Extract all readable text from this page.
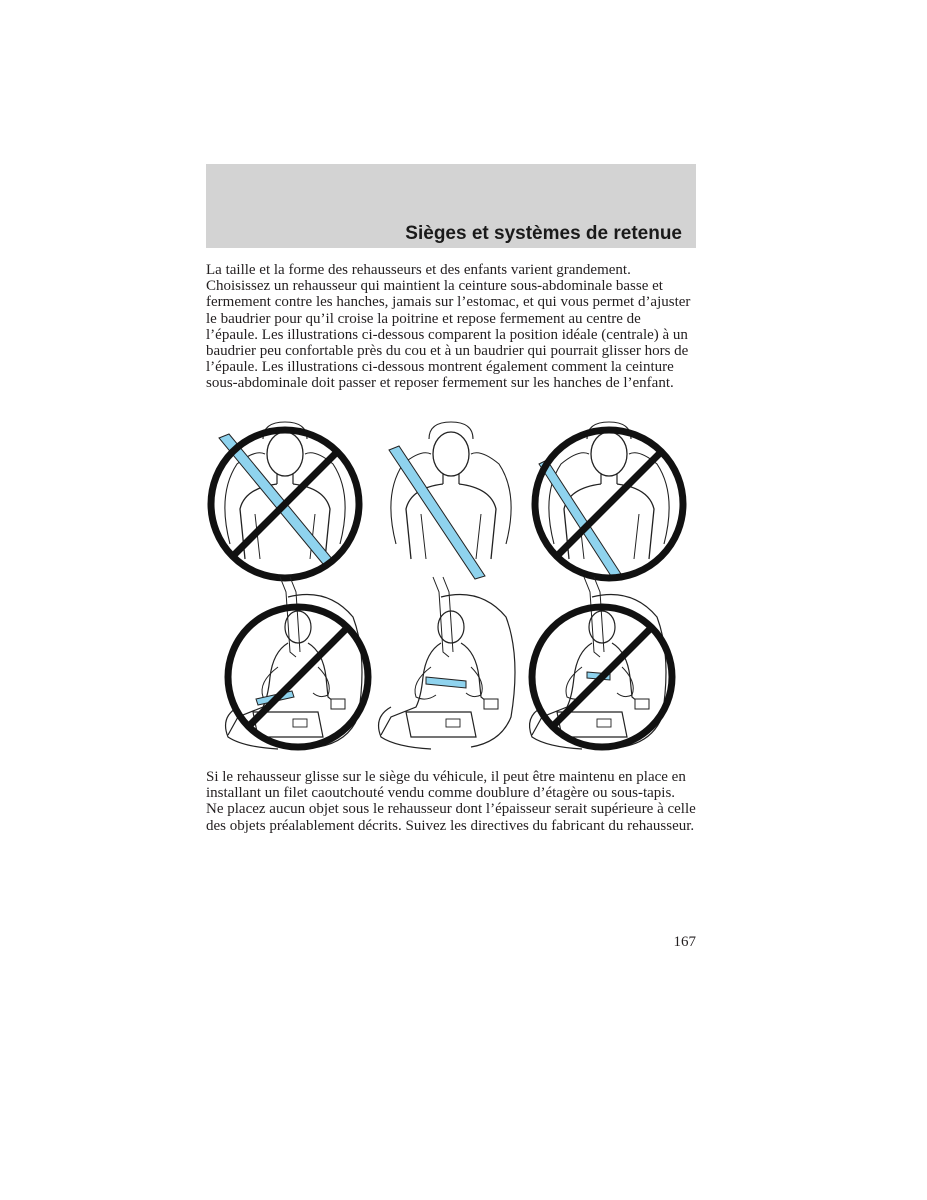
Sièges et systèmes de retenue

La taille et la forme des rehausseurs et des enfants varient grandement. Choisissez un rehausseur qui maintient la ceinture sous-abdominale basse et fermement contre les hanches, jamais sur l’estomac, et qui vous permet d’ajuster le baudrier pour qu’il croise la poitrine et repose fermement au centre de l’épaule. Les illustrations ci-dessous comparent la position idéale (centrale) à un baudrier peu confortable près du cou et à un baudrier qui pourrait glisser hors de l’épaule. Les illustrations ci-dessous montrent également comment la ceinture sous-abdominale doit passer et reposer fermement sur les hanches de l’enfant.

Si le rehausseur glisse sur le siège du véhicule, il peut être maintenu en place en installant un filet caoutchouté vendu comme doublure d’étagère ou sous-tapis. Ne placez aucun objet sous le rehausseur dont l’épaisseur serait supérieure à celle des objets préalablement décrits. Suivez les directives du fabricant du rehausseur.

167
